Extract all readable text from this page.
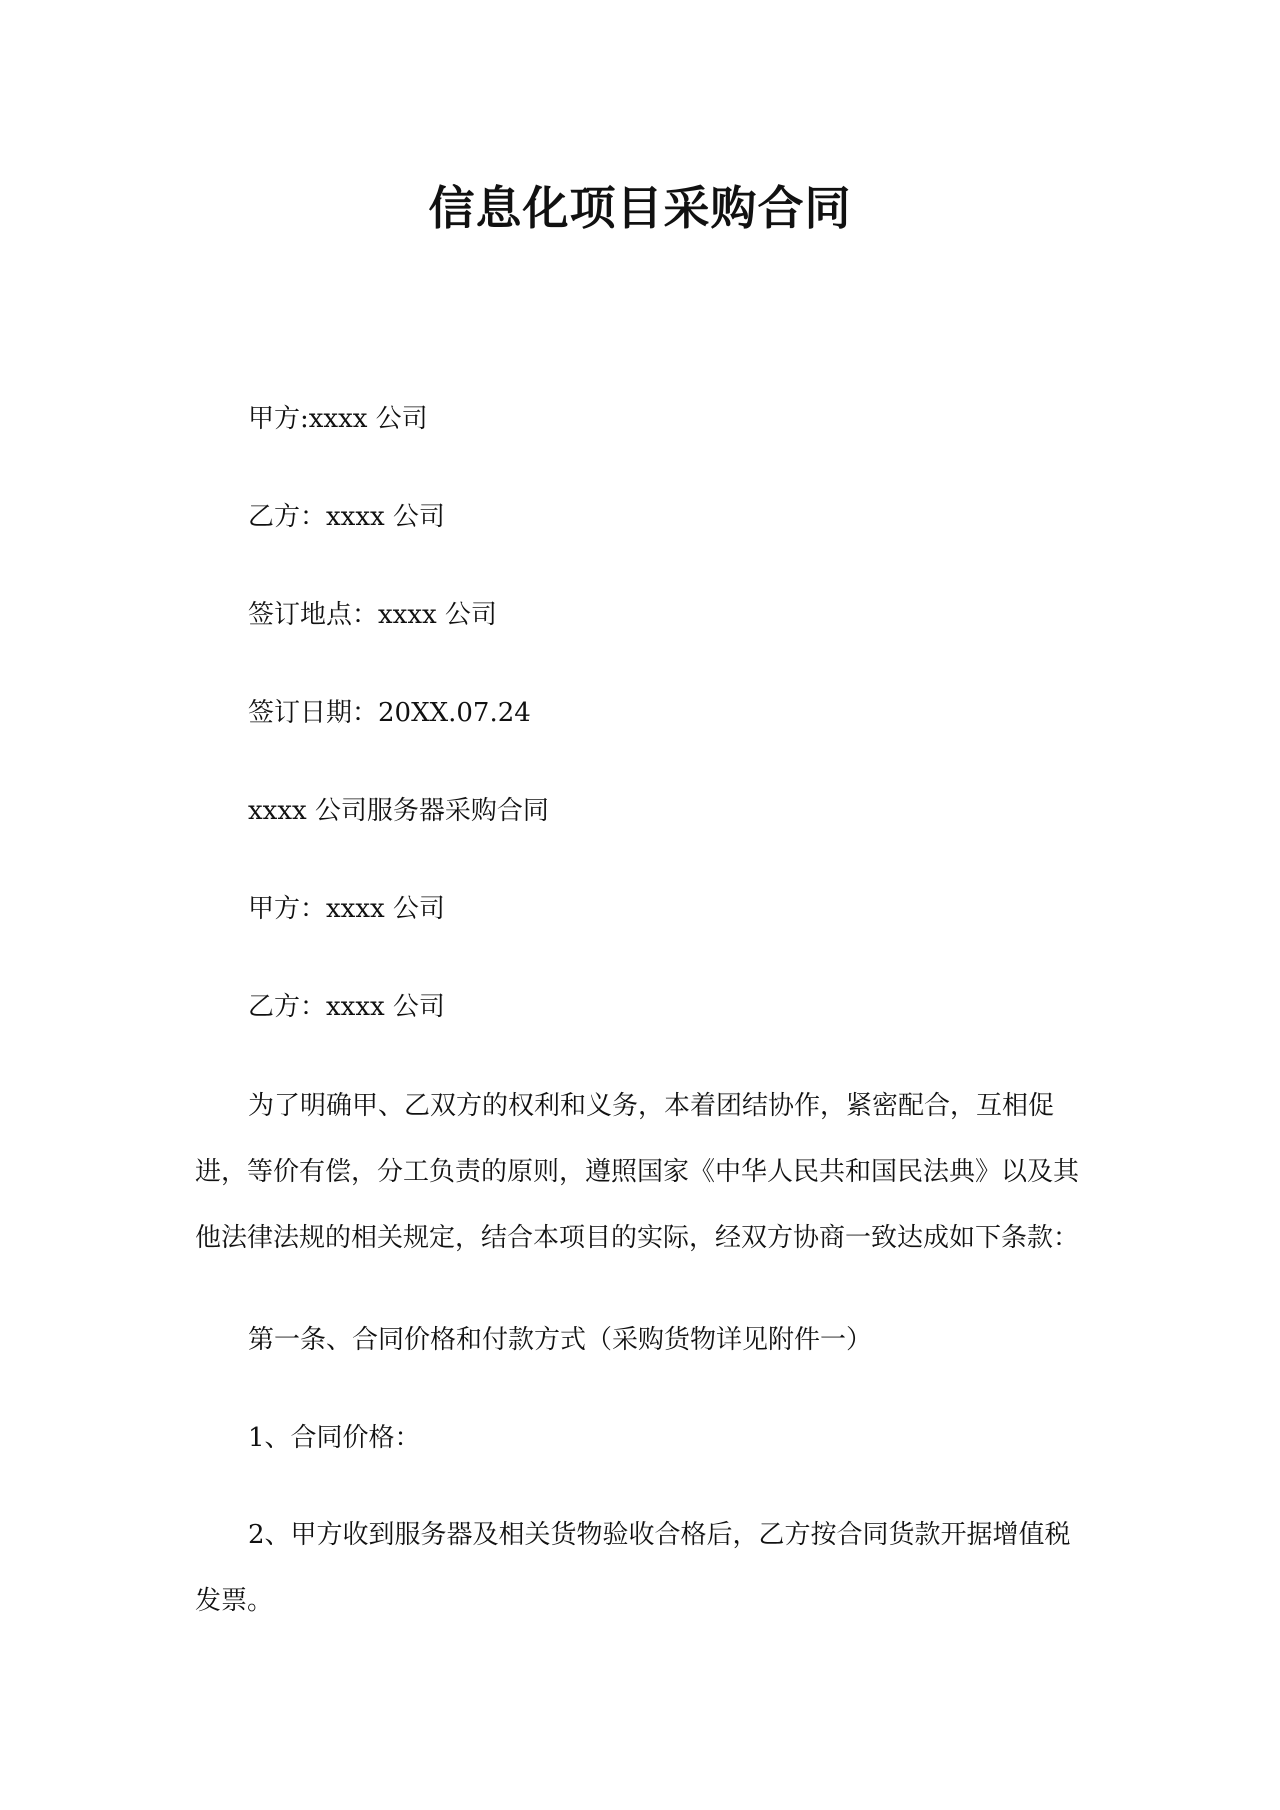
信息化项目采购合同

甲方:xxxx 公司

乙方：xxxx 公司

签订地点：xxxx 公司

签订日期：20XX.07.24

xxxx 公司服务器采购合同

甲方：xxxx 公司

乙方：xxxx 公司

为了明确甲、乙双方的权利和义务，本着团结协作，紧密配合，互相促进，等价有偿，分工负责的原则，遵照国家《中华人民共和国民法典》以及其他法律法规的相关规定，结合本项目的实际，经双方协商一致达成如下条款：

第一条、合同价格和付款方式（采购货物详见附件一）

1、合同价格：

2、甲方收到服务器及相关货物验收合格后，乙方按合同货款开据增值税发票。
